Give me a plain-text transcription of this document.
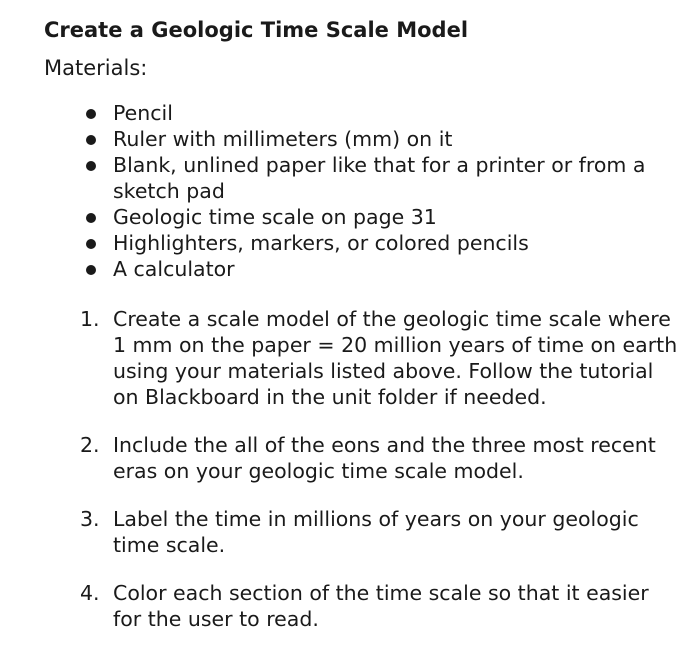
Create a Geologic Time Scale Model

Materials:

Pencil
Ruler with millimeters (mm) on it
Blank, unlined paper like that for a printer or from a sketch pad
Geologic time scale on page 31
Highlighters, markers, or colored pencils
A calculator
1. Create a scale model of the geologic time scale where 1 mm on the paper = 20 million years of time on earth using your materials listed above. Follow the tutorial on Blackboard in the unit folder if needed.
2. Include the all of the eons and the three most recent eras on your geologic time scale model.
3. Label the time in millions of years on your geologic time scale.
4. Color each section of the time scale so that it easier for the user to read.
